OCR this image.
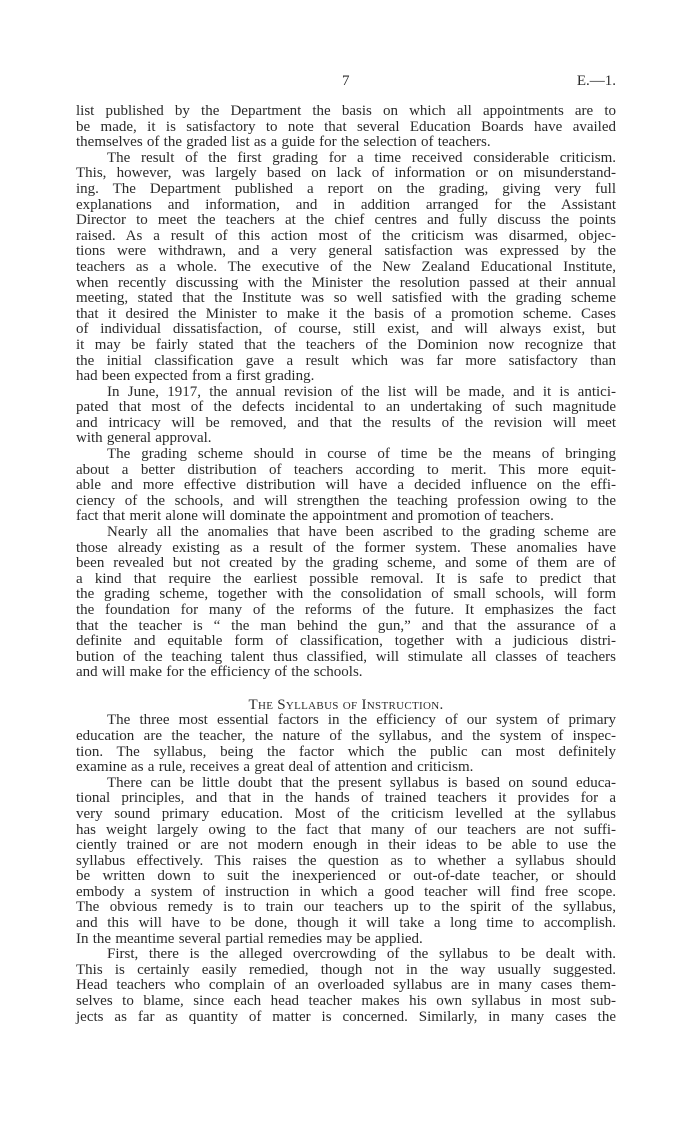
7	E.—1.
list published by the Department the basis on which all appointments are to
be made, it is satisfactory to note that several Education Boards have availed
themselves of the graded list as a guide for the selection of teachers.
The result of the first grading for a time received considerable criticism.
This, however, was largely based on lack of information or on misunderstand-
ing. The Department published a report on the grading, giving very full
explanations and information, and in addition arranged for the Assistant
Director to meet the teachers at the chief centres and fully discuss the points
raised. As a result of this action most of the criticism was disarmed, objec-
tions were withdrawn, and a very general satisfaction was expressed by the
teachers as a whole. The executive of the New Zealand Educational Institute,
when recently discussing with the Minister the resolution passed at their annual
meeting, stated that the Institute was so well satisfied with the grading scheme
that it desired the Minister to make it the basis of a promotion scheme. Cases
of individual dissatisfaction, of course, still exist, and will always exist, but
it may be fairly stated that the teachers of the Dominion now recognize that
the initial classification gave a result which was far more satisfactory than
had been expected from a first grading.
In June, 1917, the annual revision of the list will be made, and it is antici-
pated that most of the defects incidental to an undertaking of such magnitude
and intricacy will be removed, and that the results of the revision will meet
with general approval.
The grading scheme should in course of time be the means of bringing
about a better distribution of teachers according to merit. This more equit-
able and more effective distribution will have a decided influence on the effi-
ciency of the schools, and will strengthen the teaching profession owing to the
fact that merit alone will dominate the appointment and promotion of teachers.
Nearly all the anomalies that have been ascribed to the grading scheme are
those already existing as a result of the former system. These anomalies have
been revealed but not created by the grading scheme, and some of them are of
a kind that require the earliest possible removal. It is safe to predict that
the grading scheme, together with the consolidation of small schools, will form
the foundation for many of the reforms of the future. It emphasizes the fact
that the teacher is “ the man behind the gun,” and that the assurance of a
definite and equitable form of classification, together with a judicious distri-
bution of the teaching talent thus classified, will stimulate all classes of teachers
and will make for the efficiency of the schools.
The Syllabus of Instruction.
The three most essential factors in the efficiency of our system of primary
education are the teacher, the nature of the syllabus, and the system of inspec-
tion. The syllabus, being the factor which the public can most definitely
examine as a rule, receives a great deal of attention and criticism.
There can be little doubt that the present syllabus is based on sound educa-
tional principles, and that in the hands of trained teachers it provides for a
very sound primary education. Most of the criticism levelled at the syllabus
has weight largely owing to the fact that many of our teachers are not suffi-
ciently trained or are not modern enough in their ideas to be able to use the
syllabus effectively. This raises the question as to whether a syllabus should
be written down to suit the inexperienced or out-of-date teacher, or should
embody a system of instruction in which a good teacher will find free scope.
The obvious remedy is to train our teachers up to the spirit of the syllabus,
and this will have to be done, though it will take a long time to accomplish.
In the meantime several partial remedies may be applied.
First, there is the alleged overcrowding of the syllabus to be dealt with.
This is certainly easily remedied, though not in the way usually suggested.
Head teachers who complain of an overloaded syllabus are in many cases them-
selves to blame, since each head teacher makes his own syllabus in most sub-
jects as far as quantity of matter is concerned. Similarly, in many cases the
